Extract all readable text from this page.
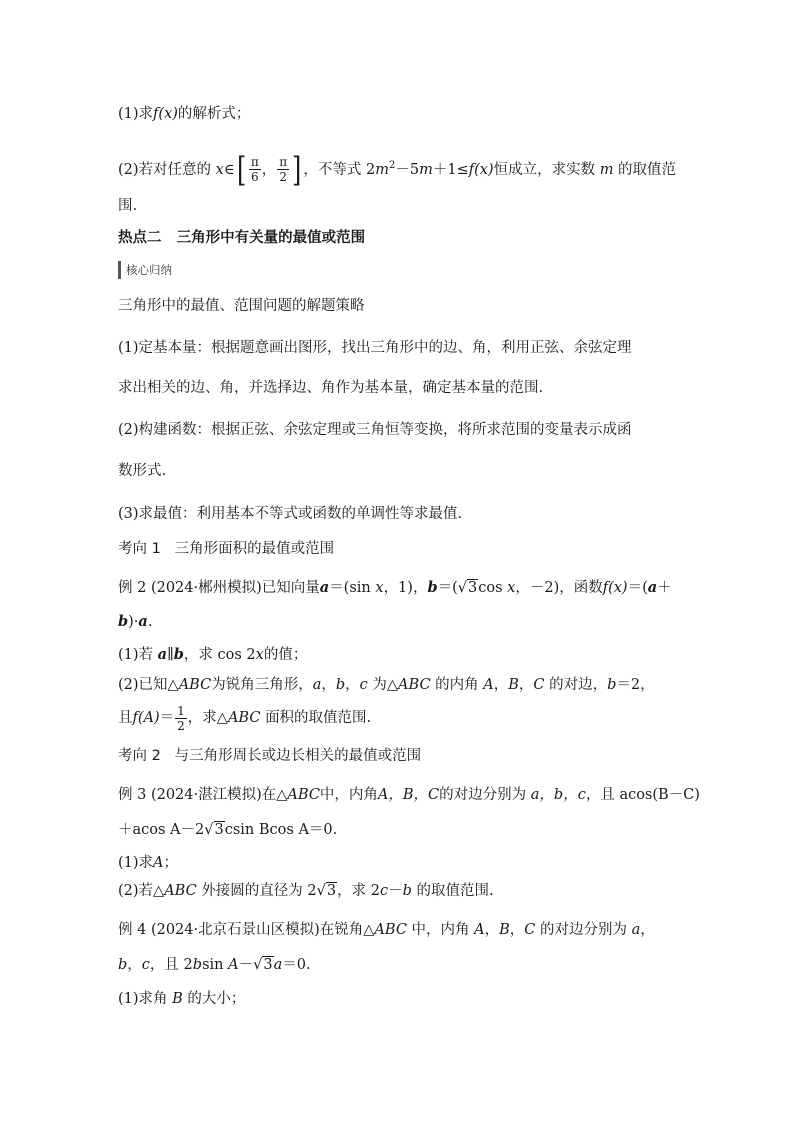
(1)求f(x)的解析式；
(2)若对任意的 x∈[ $\frac{\pi}{6}$ ， $\frac{\pi}{2}$ ] ，不等式 $2m^2-5m+1\le f(x)$恒成立，求实数 m 的取值范
围.
热点二 三角形中有关量的最值或范围
核心归纳
三角形中的最值、范围问题的解题策略
(1)定基本量：根据题意画出图形，找出三角形中的边、角，利用正弦、余弦定理
求出相关的边、角，并选择边、角作为基本量，确定基本量的范围.
(2)构建函数：根据正弦、余弦定理或三角恒等变换，将所求范围的变量表示成函
数形式.
(3)求最值：利用基本不等式或函数的单调性等求最值.
考向 1 三角形面积的最值或范围
例 2 (2024·郴州模拟)已知向量a＝(sin x，1)，b＝(√3cos x，－2)，函数f(x)＝(a＋
b)·a.
(1)若 a∥b，求 cos 2x的值；
(2)已知△ABC为锐角三角形，a，b，c 为△ABC 的内角 A，B，C 的对边，b＝2，
且$f(A)= \frac{1}{2}$ ，求△ABC 面积的取值范围.
考向 2 与三角形周长或边长相关的最值或范围
例 3 (2024·湛江模拟)在△ABC中，内角A，B，C的对边分别为 a，b，c，且 acos(B－C)
＋acos A－2√3csin Bcos A＝0.
(1)求A；
(2)若△ABC 外接圆的直径为 2√3，求 2c－b 的取值范围.
例 4 (2024·北京石景山区模拟)在锐角△ABC 中，内角 A，B，C 的对边分别为 a，
b，c，且 2bsin A－√3a＝0.
(1)求角 B 的大小；
